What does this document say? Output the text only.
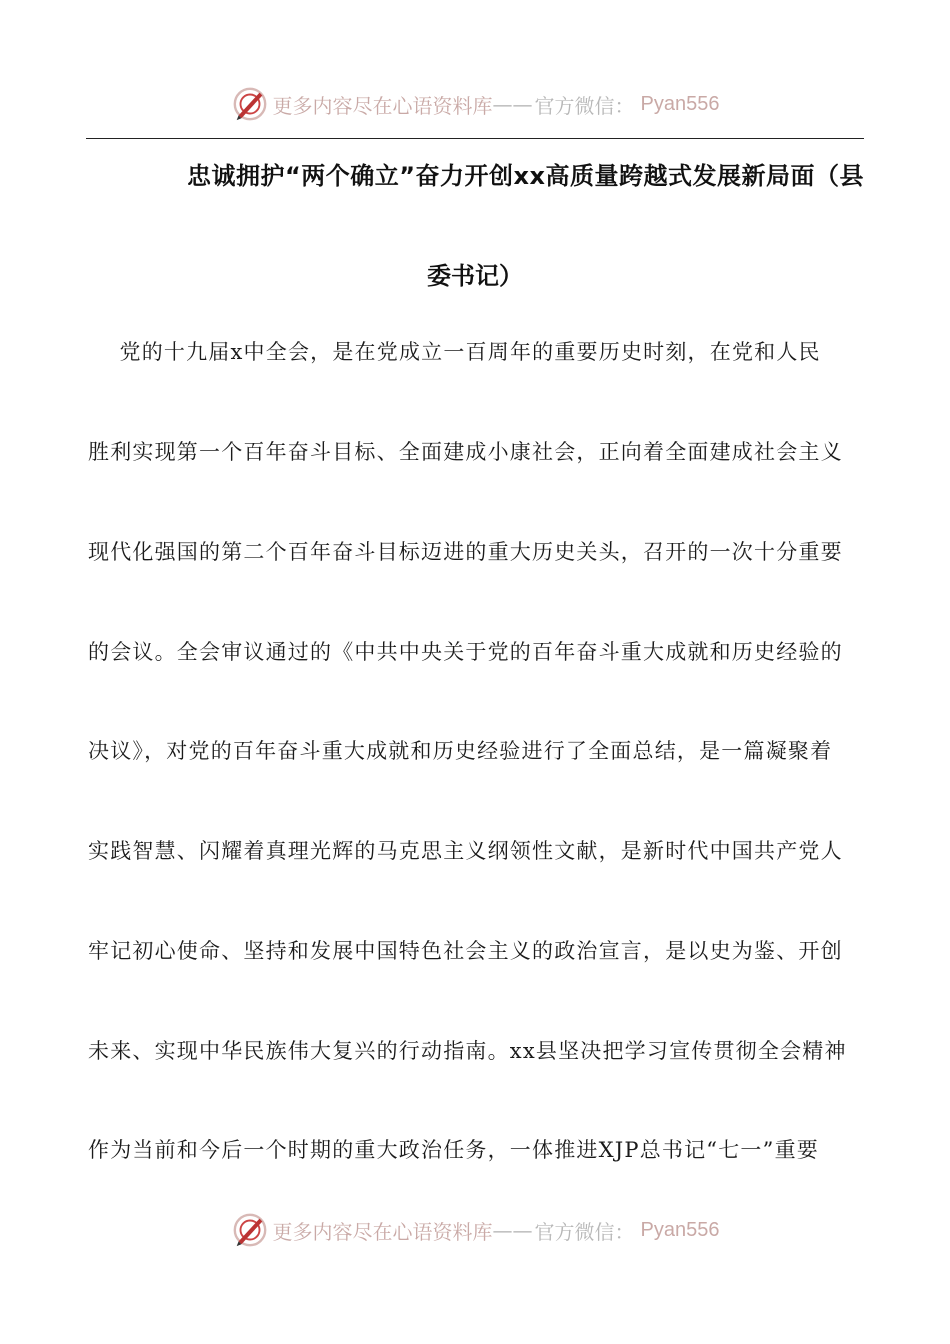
更多内容尽在心语资料库 —— 官方微信： Pyan556
忠诚拥护“两个确立”奋力开创xx高质量跨越式发展新局面（县
委书记）
党的十九届x中全会，是在党成立一百周年的重要历史时刻，在党和人民
胜利实现第一个百年奋斗目标、全面建成小康社会，正向着全面建成社会主义
现代化强国的第二个百年奋斗目标迈进的重大历史关头，召开的一次十分重要
的会议。全会审议通过的《中共中央关于党的百年奋斗重大成就和历史经验的
决议》，对党的百年奋斗重大成就和历史经验进行了全面总结，是一篇凝聚着
实践智慧、闪耀着真理光辉的马克思主义纲领性文献，是新时代中国共产党人
牢记初心使命、坚持和发展中国特色社会主义的政治宣言，是以史为鉴、开创
未来、实现中华民族伟大复兴的行动指南。xx县坚决把学习宣传贯彻全会精神
作为当前和今后一个时期的重大政治任务，一体推进XJP总书记“七一”重要
更多内容尽在心语资料库 —— 官方微信： Pyan556
